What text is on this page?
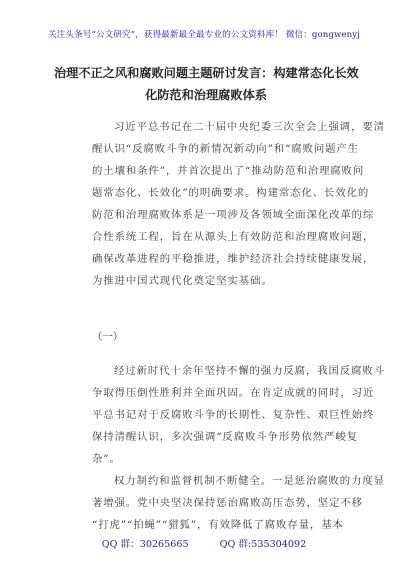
关注头条号“公文研究”，获得最新最全最专业的公文资料库！ 微信：gongwenyj
治理不正之风和腐败问题主题研讨发言：构建常态化长效
化防范和治理腐败体系
习近平总书记在二十届中央纪委三次全会上强调，要清
醒认识“反腐败斗争的新情况新动向”和“腐败问题产生
的土壤和条件”，并首次提出了“推动防范和治理腐败问
题常态化、长效化”的明确要求。构建常态化、长效化的
防范和治理腐败体系是一项涉及各领域全面深化改革的综
合性系统工程，旨在从源头上有效防范和治理腐败问题，
确保改革进程的平稳推进，维护经济社会持续健康发展，
为推进中国式现代化奠定坚实基础。
（一）
经过新时代十余年坚持不懈的强力反腐，我国反腐败斗
争取得压倒性胜利并全面巩固。在肯定成就的同时，习近
平总书记对于反腐败斗争的长期性、复杂性、艰巨性始终
保持清醒认识，多次强调“反腐败斗争形势依然严峻复
杂”。
权力制约和监督机制不断健全。一是惩治腐败的力度显
著增强。党中央坚决保持惩治腐败高压态势，坚定不移
“打虎”“拍蝇”“猎狐”，有效降低了腐败存量，基本
QQ 群：30265665	QQ 群:535304092
